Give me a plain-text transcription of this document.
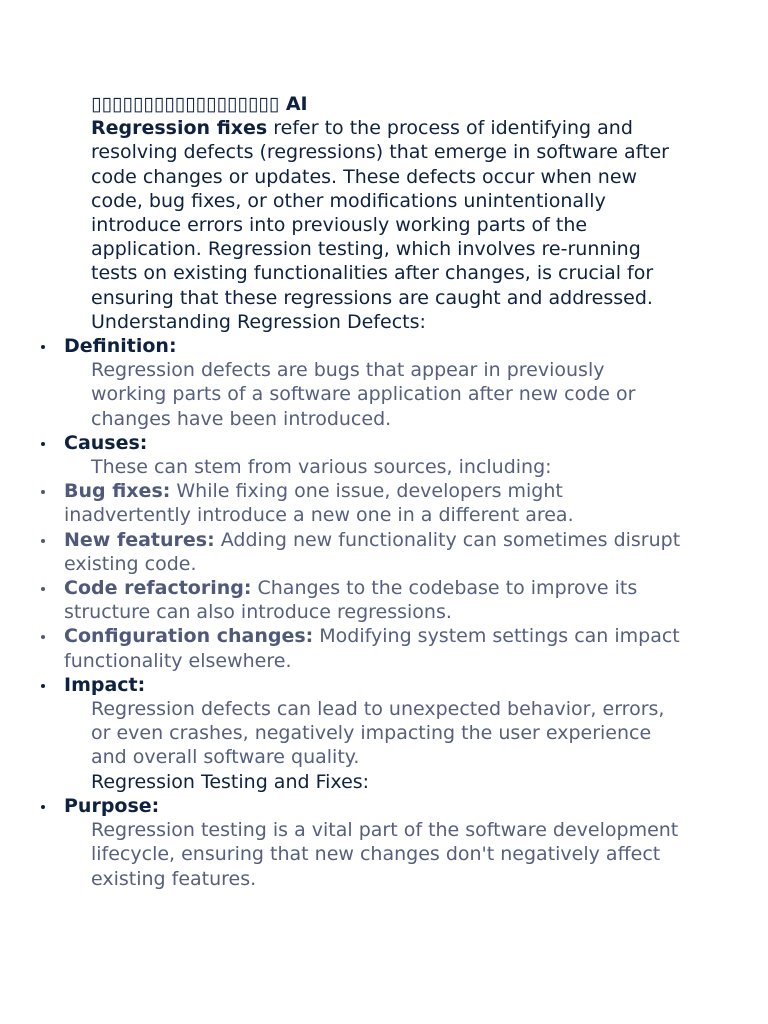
▯▯▯▯▯▯▯▯▯▯▯▯▯▯▯▯▯▯ AI
Regression fixes refer to the process of identifying and resolving defects (regressions) that emerge in software after code changes or updates. These defects occur when new code, bug fixes, or other modifications unintentionally introduce errors into previously working parts of the application. Regression testing, which involves re-running tests on existing functionalities after changes, is crucial for ensuring that these regressions are caught and addressed.
Understanding Regression Defects:
Definition:
Regression defects are bugs that appear in previously working parts of a software application after new code or changes have been introduced.
Causes:
These can stem from various sources, including:
Bug fixes: While fixing one issue, developers might inadvertently introduce a new one in a different area.
New features: Adding new functionality can sometimes disrupt existing code.
Code refactoring: Changes to the codebase to improve its structure can also introduce regressions.
Configuration changes: Modifying system settings can impact functionality elsewhere.
Impact:
Regression defects can lead to unexpected behavior, errors, or even crashes, negatively impacting the user experience and overall software quality.
Regression Testing and Fixes:
Purpose:
Regression testing is a vital part of the software development lifecycle, ensuring that new changes don't negatively affect existing features.
